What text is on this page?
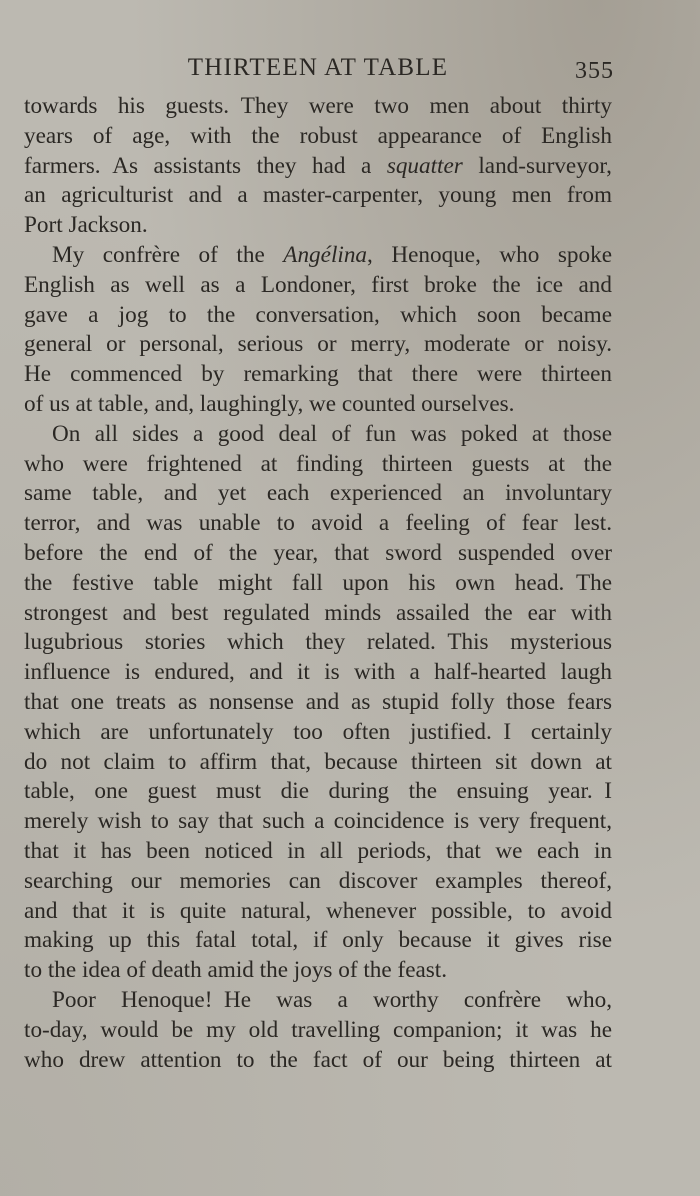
THIRTEEN AT TABLE	355
towards his guests. They were two men about thirty
years of age, with the robust appearance of English
farmers. As assistants they had a squatter land-surveyor,
an agriculturist and a master-carpenter, young men from
Port Jackson.
My confrère of the Angélina, Henoque, who spoke
English as well as a Londoner, first broke the ice and
gave a jog to the conversation, which soon became
general or personal, serious or merry, moderate or noisy.
He commenced by remarking that there were thirteen
of us at table, and, laughingly, we counted ourselves.
On all sides a good deal of fun was poked at those
who were frightened at finding thirteen guests at the
same table, and yet each experienced an involuntary
terror, and was unable to avoid a feeling of fear lest.
before the end of the year, that sword suspended over
the festive table might fall upon his own head. The
strongest and best regulated minds assailed the ear with
lugubrious stories which they related. This mysterious
influence is endured, and it is with a half-hearted laugh
that one treats as nonsense and as stupid folly those fears
which are unfortunately too often justified. I certainly
do not claim to affirm that, because thirteen sit down at
table, one guest must die during the ensuing year. I
merely wish to say that such a coincidence is very frequent,
that it has been noticed in all periods, that we each in
searching our memories can discover examples thereof,
and that it is quite natural, whenever possible, to avoid
making up this fatal total, if only because it gives rise
to the idea of death amid the joys of the feast.
Poor Henoque! He was a worthy confrère who,
to-day, would be my old travelling companion; it was he
who drew attention to the fact of our being thirteen at
